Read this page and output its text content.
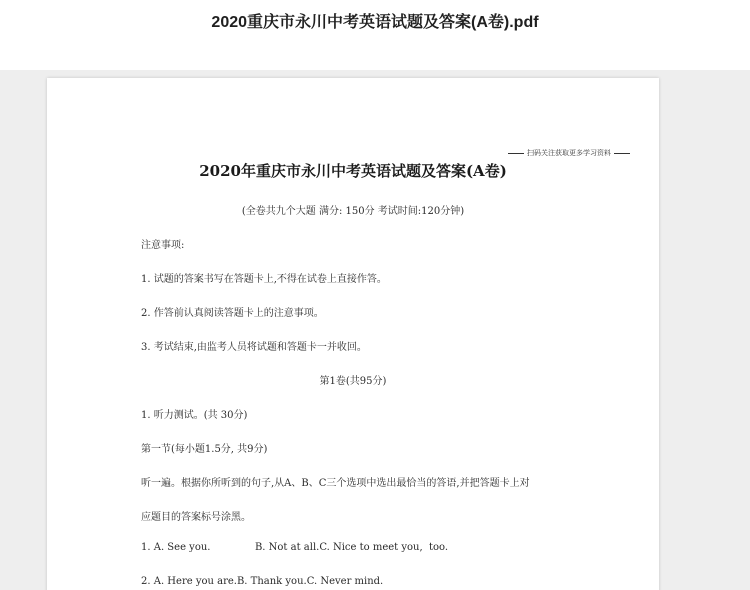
2020重庆市永川中考英语试题及答案(A卷).pdf
扫码关注获取更多学习资料
2020年重庆市永川中考英语试题及答案(A卷)
(全卷共九个大题 满分: 150分 考试时间:120分钟)
注意事项:
1. 试题的答案书写在答题卡上,不得在试卷上直接作答。
2. 作答前认真阅读答题卡上的注意事项。
3. 考试结束,由监考人员将试题和答题卡一并收回。
第1卷(共95分)
1. 听力测试。(共 30分)
第一节(每小题1.5分, 共9分)
听一遍。根据你所听到的句子,从A、B、C三个选项中选出最恰当的答语,并把答题卡上对
应题目的答案标号涂黑。
1. A. See you.              B. Not at all.C. Nice to meet you,  too.
2. A. Here you are.B. Thank you.C. Never mind.
